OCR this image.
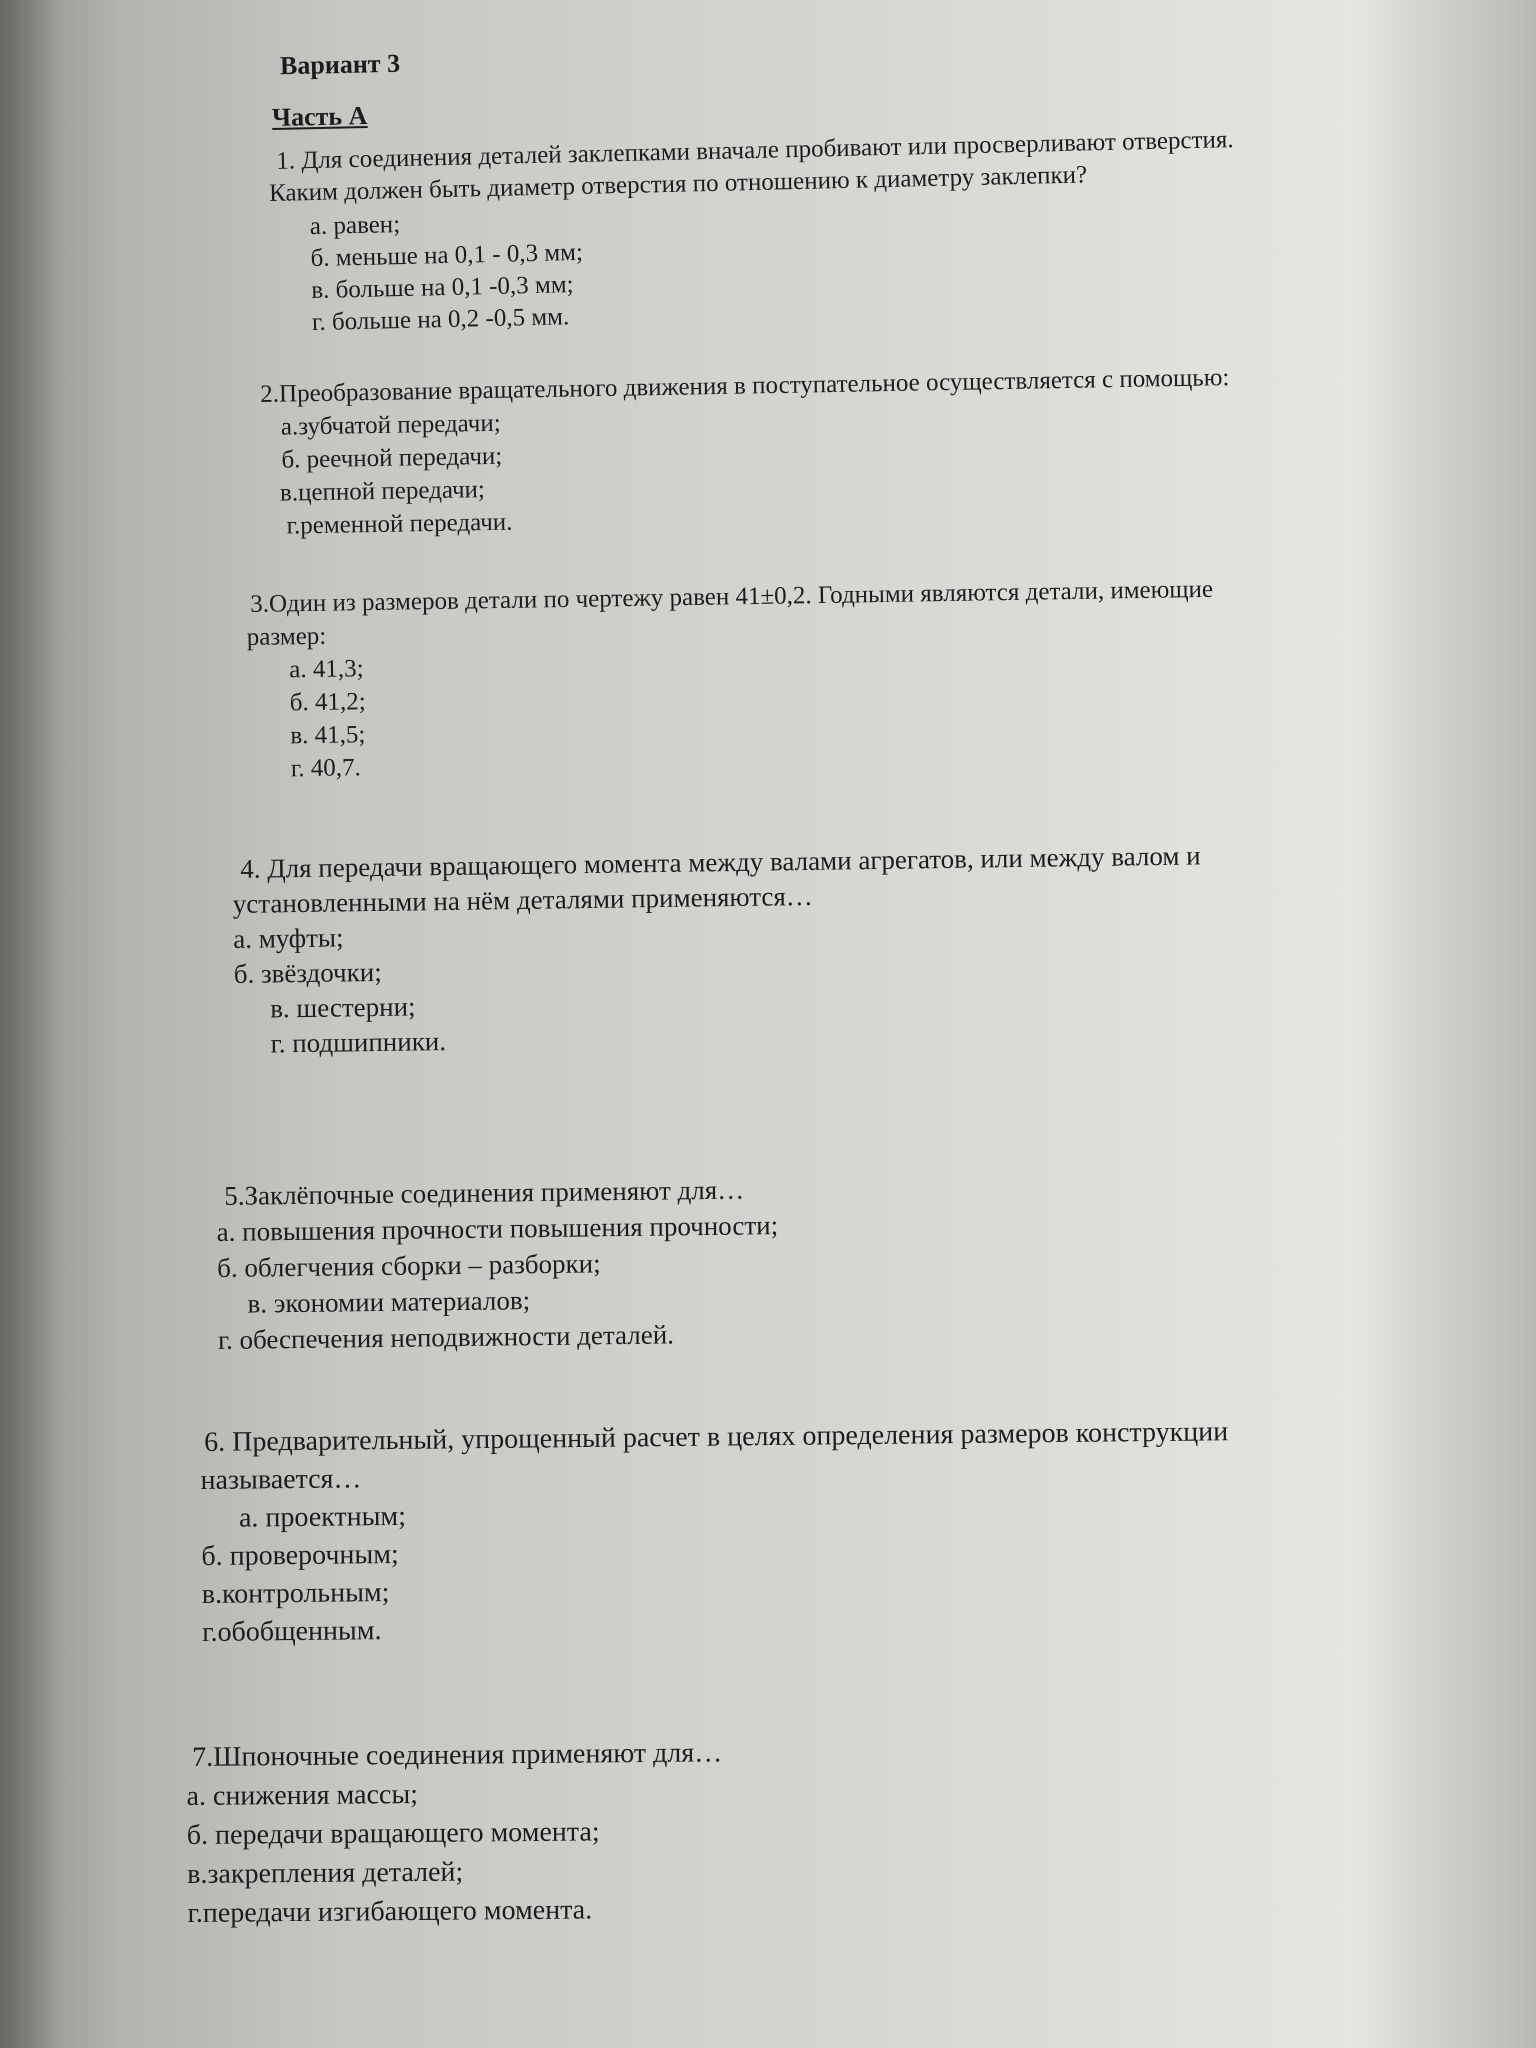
Вариант 3
Часть А
1. Для соединения деталей заклепками вначале пробивают или просверливают отверстия.
Каким должен быть диаметр отверстия по отношению к диаметру заклепки?
а. равен;
б. меньше на 0,1 - 0,3 мм;
в. больше на 0,1 -0,3 мм;
г. больше на 0,2 -0,5 мм.
2.Преобразование вращательного движения в поступательное осуществляется с помощью:
а.зубчатой передачи;
б. реечной передачи;
в.цепной передачи;
г.ременной передачи.
3.Один из размеров детали по чертежу равен 41±0,2. Годными являются детали, имеющие
размер:
а. 41,3;
б. 41,2;
в. 41,5;
г. 40,7.
4. Для передачи вращающего момента между валами агрегатов, или между валом и
установленными на нём деталями применяются…
а. муфты;
б. звёздочки;
в. шестерни;
г. подшипники.
5.Заклёпочные соединения применяют для…
а. повышения прочности повышения прочности;
б. облегчения сборки – разборки;
в. экономии материалов;
г. обеспечения неподвижности деталей.
6. Предварительный, упрощенный расчет в целях определения размеров конструкции
называется…
а. проектным;
б. проверочным;
в.контрольным;
г.обобщенным.
7.Шпоночные соединения применяют для…
а. снижения массы;
б. передачи вращающего момента;
в.закрепления деталей;
г.передачи изгибающего момента.
